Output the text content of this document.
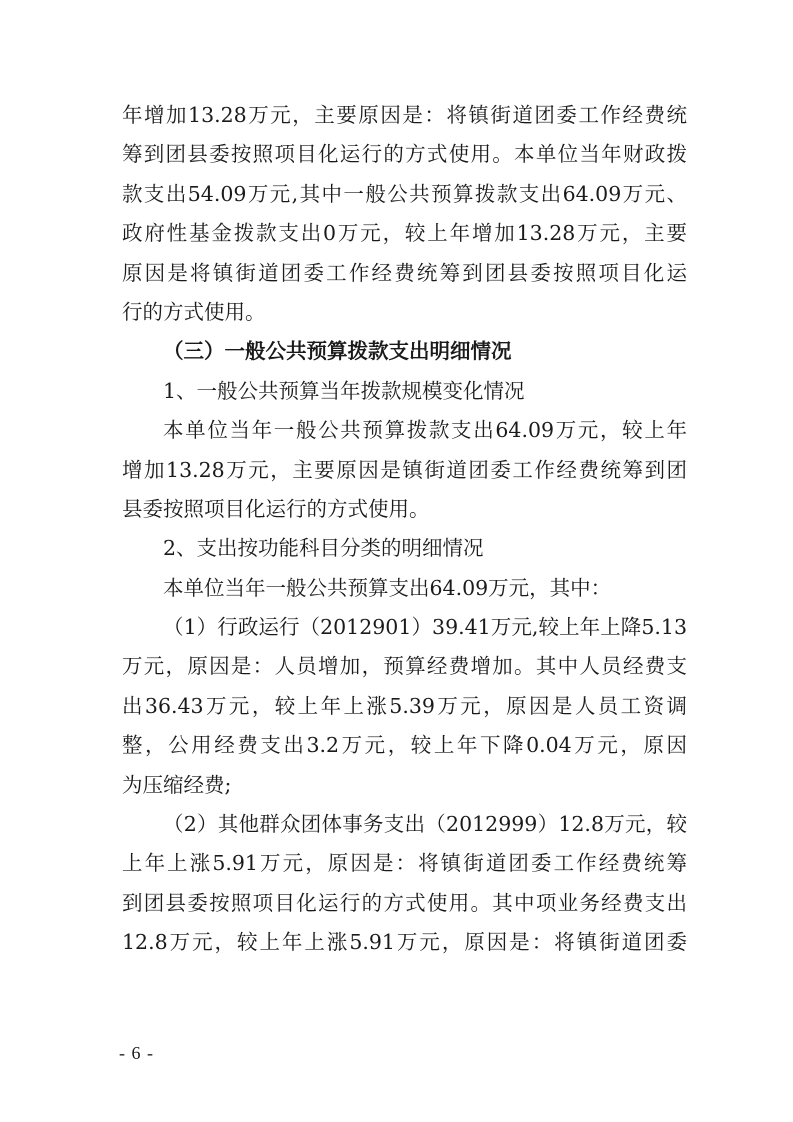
年增加13.28万元，主要原因是：将镇街道团委工作经费统
筹到团县委按照项目化运行的方式使用。本单位当年财政拨
款支出54.09万元,其中一般公共预算拨款支出64.09万元、
政府性基金拨款支出0万元，较上年增加13.28万元，主要
原因是将镇街道团委工作经费统筹到团县委按照项目化运
行的方式使用。
（三）一般公共预算拨款支出明细情况
1、一般公共预算当年拨款规模变化情况
本单位当年一般公共预算拨款支出64.09万元，较上年
增加13.28万元，主要原因是镇街道团委工作经费统筹到团
县委按照项目化运行的方式使用。
2、支出按功能科目分类的明细情况
本单位当年一般公共预算支出64.09万元，其中：
（1）行政运行（2012901）39.41万元,较上年上降5.13
万元，原因是：人员增加，预算经费增加。其中人员经费支
出36.43万元，较上年上涨5.39万元，原因是人员工资调
整，公用经费支出3.2万元，较上年下降0.04万元，原因
为压缩经费;
（2）其他群众团体事务支出（2012999）12.8万元，较
上年上涨5.91万元，原因是：将镇街道团委工作经费统筹
到团县委按照项目化运行的方式使用。其中项业务经费支出
12.8万元，较上年上涨5.91万元，原因是：将镇街道团委
- 6 -
